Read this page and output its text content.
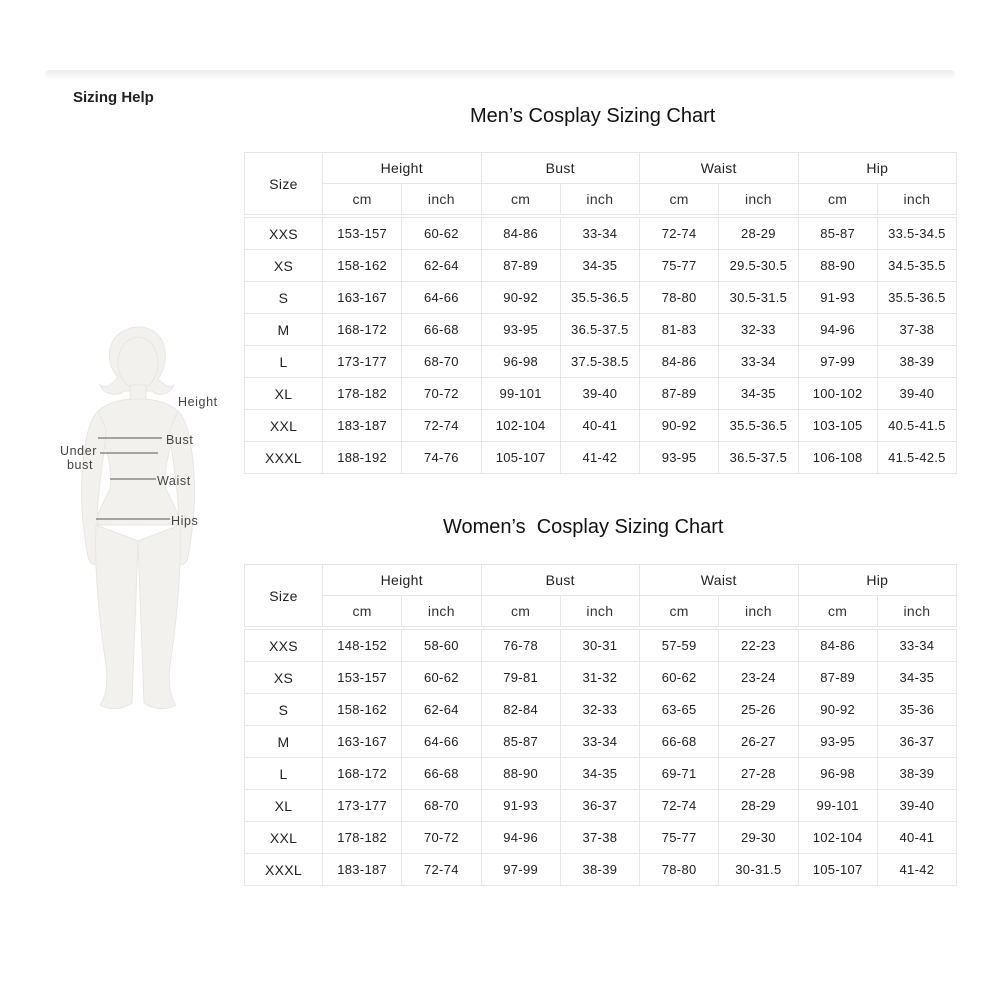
Sizing Help
Height
Bust
Under
bust
Waist
Hips
Men’s Cosplay Sizing Chart
Size	Height		Bust		Waist		Hip	
	cm	inch	cm	inch	cm	inch	cm	inch

XXS	153-157	60-62	84-86	33-34	72-74	28-29	85-87	33.5-34.5
XS	158-162	62-64	87-89	34-35	75-77	29.5-30.5	88-90	34.5-35.5
S	163-167	64-66	90-92	35.5-36.5	78-80	30.5-31.5	91-93	35.5-36.5
M	168-172	66-68	93-95	36.5-37.5	81-83	32-33	94-96	37-38
L	173-177	68-70	96-98	37.5-38.5	84-86	33-34	97-99	38-39
XL	178-182	70-72	99-101	39-40	87-89	34-35	100-102	39-40
XXL	183-187	72-74	102-104	40-41	90-92	35.5-36.5	103-105	40.5-41.5
XXXL	188-192	74-76	105-107	41-42	93-95	36.5-37.5	106-108	41.5-42.5
Women’s  Cosplay Sizing Chart
Size	Height		Bust		Waist		Hip	
	cm	inch	cm	inch	cm	inch	cm	inch

XXS	148-152	58-60	76-78	30-31	57-59	22-23	84-86	33-34
XS	153-157	60-62	79-81	31-32	60-62	23-24	87-89	34-35
S	158-162	62-64	82-84	32-33	63-65	25-26	90-92	35-36
M	163-167	64-66	85-87	33-34	66-68	26-27	93-95	36-37
L	168-172	66-68	88-90	34-35	69-71	27-28	96-98	38-39
XL	173-177	68-70	91-93	36-37	72-74	28-29	99-101	39-40
XXL	178-182	70-72	94-96	37-38	75-77	29-30	102-104	40-41
XXXL	183-187	72-74	97-99	38-39	78-80	30-31.5	105-107	41-42
